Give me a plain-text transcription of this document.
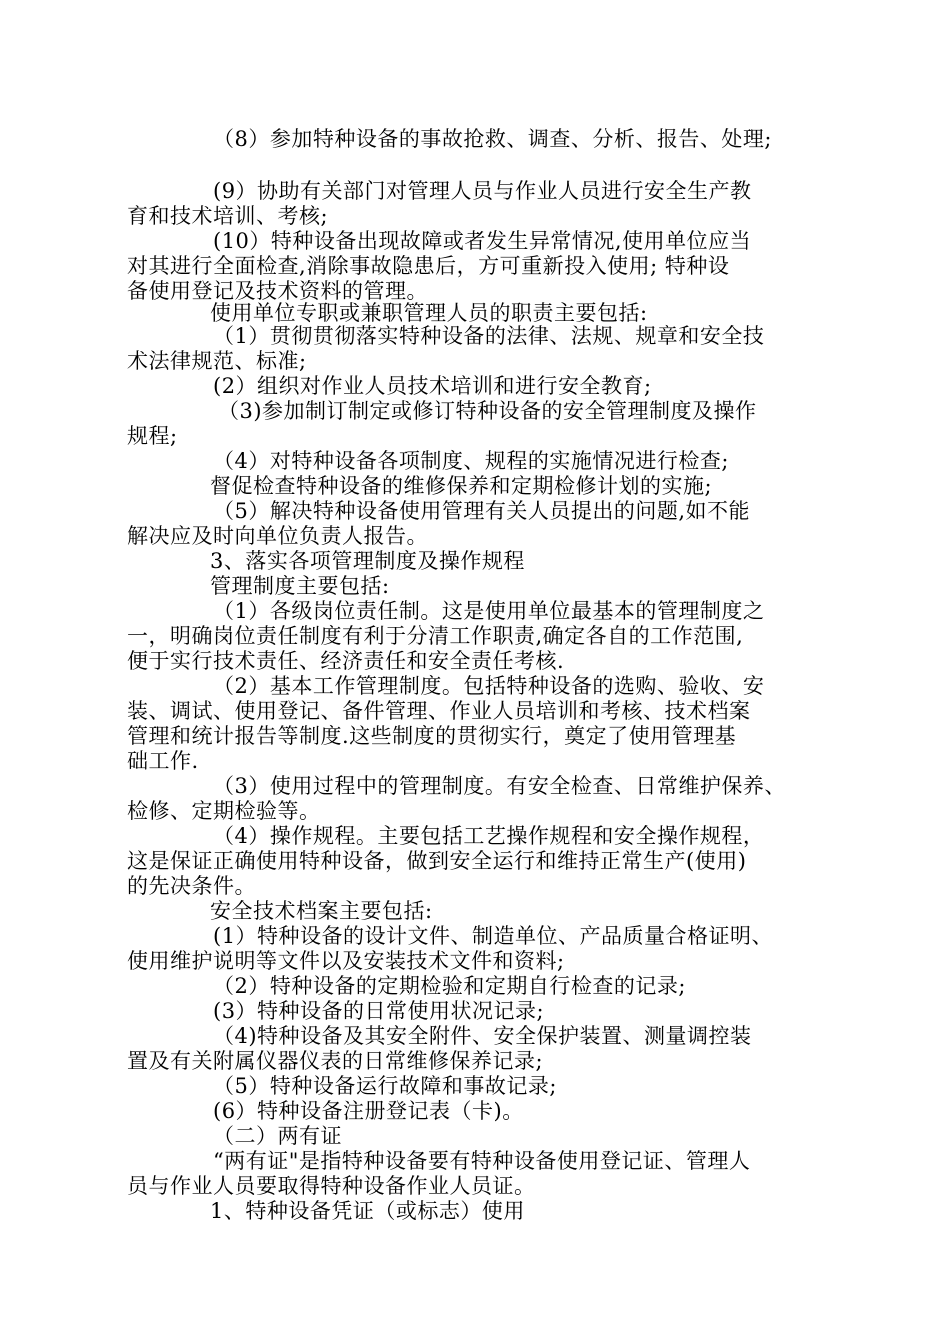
（8）参加特种设备的事故抢救、调查、分析、报告、处理;
(9）协助有关部门对管理人员与作业人员进行安全生产教
育和技术培训、考核;
(10）特种设备出现故障或者发生异常情况,使用单位应当
对其进行全面检查,消除事故隐患后，方可重新投入使用; 特种设
备使用登记及技术资料的管理。
使用单位专职或兼职管理人员的职责主要包括:
（1）贯彻贯彻落实特种设备的法律、法规、规章和安全技
术法律规范、标准;
(2）组织对作业人员技术培训和进行安全教育;
（3)参加制订制定或修订特种设备的安全管理制度及操作
规程;
（4）对特种设备各项制度、规程的实施情况进行检查;
督促检查特种设备的维修保养和定期检修计划的实施;
（5）解决特种设备使用管理有关人员提出的问题,如不能
解决应及时向单位负责人报告。
3、落实各项管理制度及操作规程
管理制度主要包括:
（1）各级岗位责任制。这是使用单位最基本的管理制度之
一，明确岗位责任制度有利于分清工作职责,确定各自的工作范围,
便于实行技术责任、经济责任和安全责任考核.
（2）基本工作管理制度。包括特种设备的选购、验收、安
装、调试、使用登记、备件管理、作业人员培训和考核、技术档案
管理和统计报告等制度.这些制度的贯彻实行，奠定了使用管理基
础工作.
（3）使用过程中的管理制度。有安全检查、日常维护保养、
检修、定期检验等。
（4）操作规程。主要包括工艺操作规程和安全操作规程，
这是保证正确使用特种设备，做到安全运行和维持正常生产(使用)
的先决条件。
安全技术档案主要包括:
(1）特种设备的设计文件、制造单位、产品质量合格证明、
使用维护说明等文件以及安装技术文件和资料;
（2）特种设备的定期检验和定期自行检查的记录;
(3）特种设备的日常使用状况记录;
（4)特种设备及其安全附件、安全保护装置、测量调控装
置及有关附属仪器仪表的日常维修保养记录;
（5）特种设备运行故障和事故记录;
(6）特种设备注册登记表（卡)。
（二）两有证
“两有证"是指特种设备要有特种设备使用登记证、管理人
员与作业人员要取得特种设备作业人员证。
1、特种设备凭证（或标志）使用
